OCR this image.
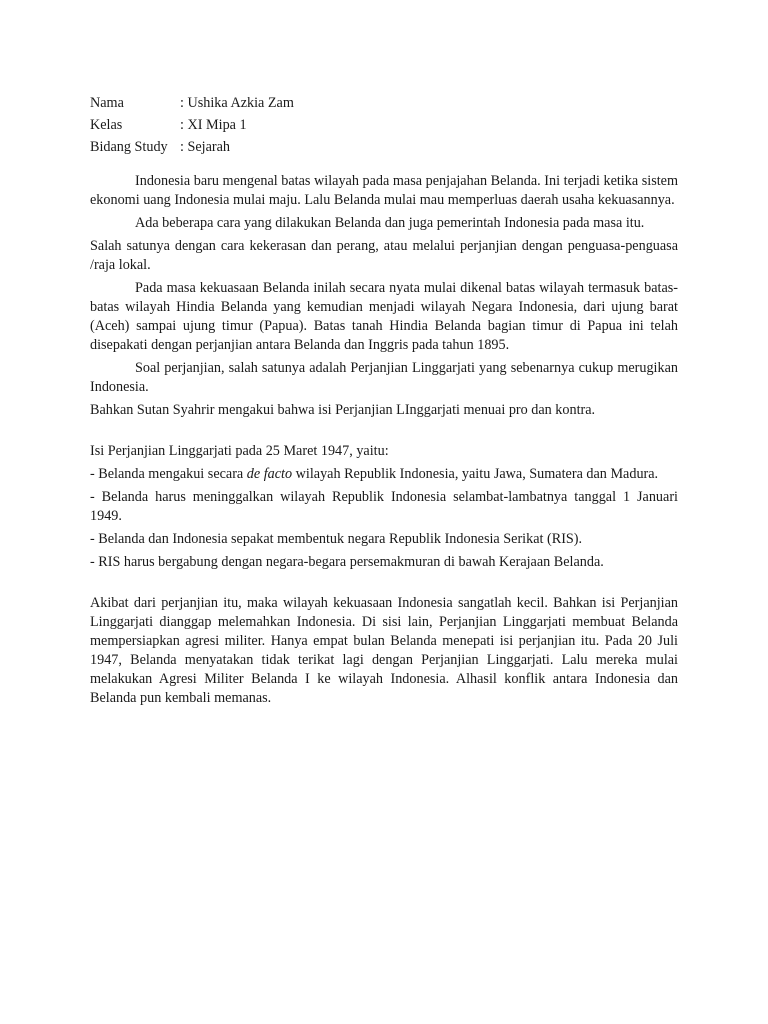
Nama	: Ushika Azkia Zam
Kelas	: XI Mipa 1
Bidang Study : Sejarah

Indonesia baru mengenal batas wilayah pada masa penjajahan Belanda. Ini terjadi ketika sistem ekonomi uang Indonesia mulai maju. Lalu Belanda mulai mau memperluas daerah usaha kekuasannya.

Ada beberapa cara yang dilakukan Belanda dan juga pemerintah Indonesia pada masa itu.

Salah satunya dengan cara kekerasan dan perang, atau melalui perjanjian dengan penguasa-penguasa /raja lokal.

Pada masa kekuasaan Belanda inilah secara nyata mulai dikenal batas wilayah termasuk batas-batas wilayah Hindia Belanda yang kemudian menjadi wilayah Negara Indonesia, dari ujung barat (Aceh) sampai ujung timur (Papua). Batas tanah Hindia Belanda bagian timur di Papua ini telah disepakati dengan perjanjian antara Belanda dan Inggris pada tahun 1895.

Soal perjanjian, salah satunya adalah Perjanjian Linggarjati yang sebenarnya cukup merugikan Indonesia.

Bahkan Sutan Syahrir mengakui bahwa isi Perjanjian LInggarjati menuai pro dan kontra.

Isi Perjanjian Linggarjati pada 25 Maret 1947, yaitu:

- Belanda mengakui secara de facto wilayah Republik Indonesia, yaitu Jawa, Sumatera dan Madura.

- Belanda harus meninggalkan wilayah Republik Indonesia selambat-lambatnya tanggal 1 Januari 1949.

- Belanda dan Indonesia sepakat membentuk negara Republik Indonesia Serikat (RIS).

- RIS harus bergabung dengan negara-begara persemakmuran di bawah Kerajaan Belanda.

Akibat dari perjanjian itu, maka wilayah kekuasaan Indonesia sangatlah kecil. Bahkan isi Perjanjian Linggarjati dianggap melemahkan Indonesia. Di sisi lain, Perjanjian Linggarjati membuat Belanda mempersiapkan agresi militer. Hanya empat bulan Belanda menepati isi perjanjian itu. Pada 20 Juli 1947, Belanda menyatakan tidak terikat lagi dengan Perjanjian Linggarjati. Lalu mereka mulai melakukan Agresi Militer Belanda I ke wilayah Indonesia. Alhasil konflik antara Indonesia dan Belanda pun kembali memanas.
